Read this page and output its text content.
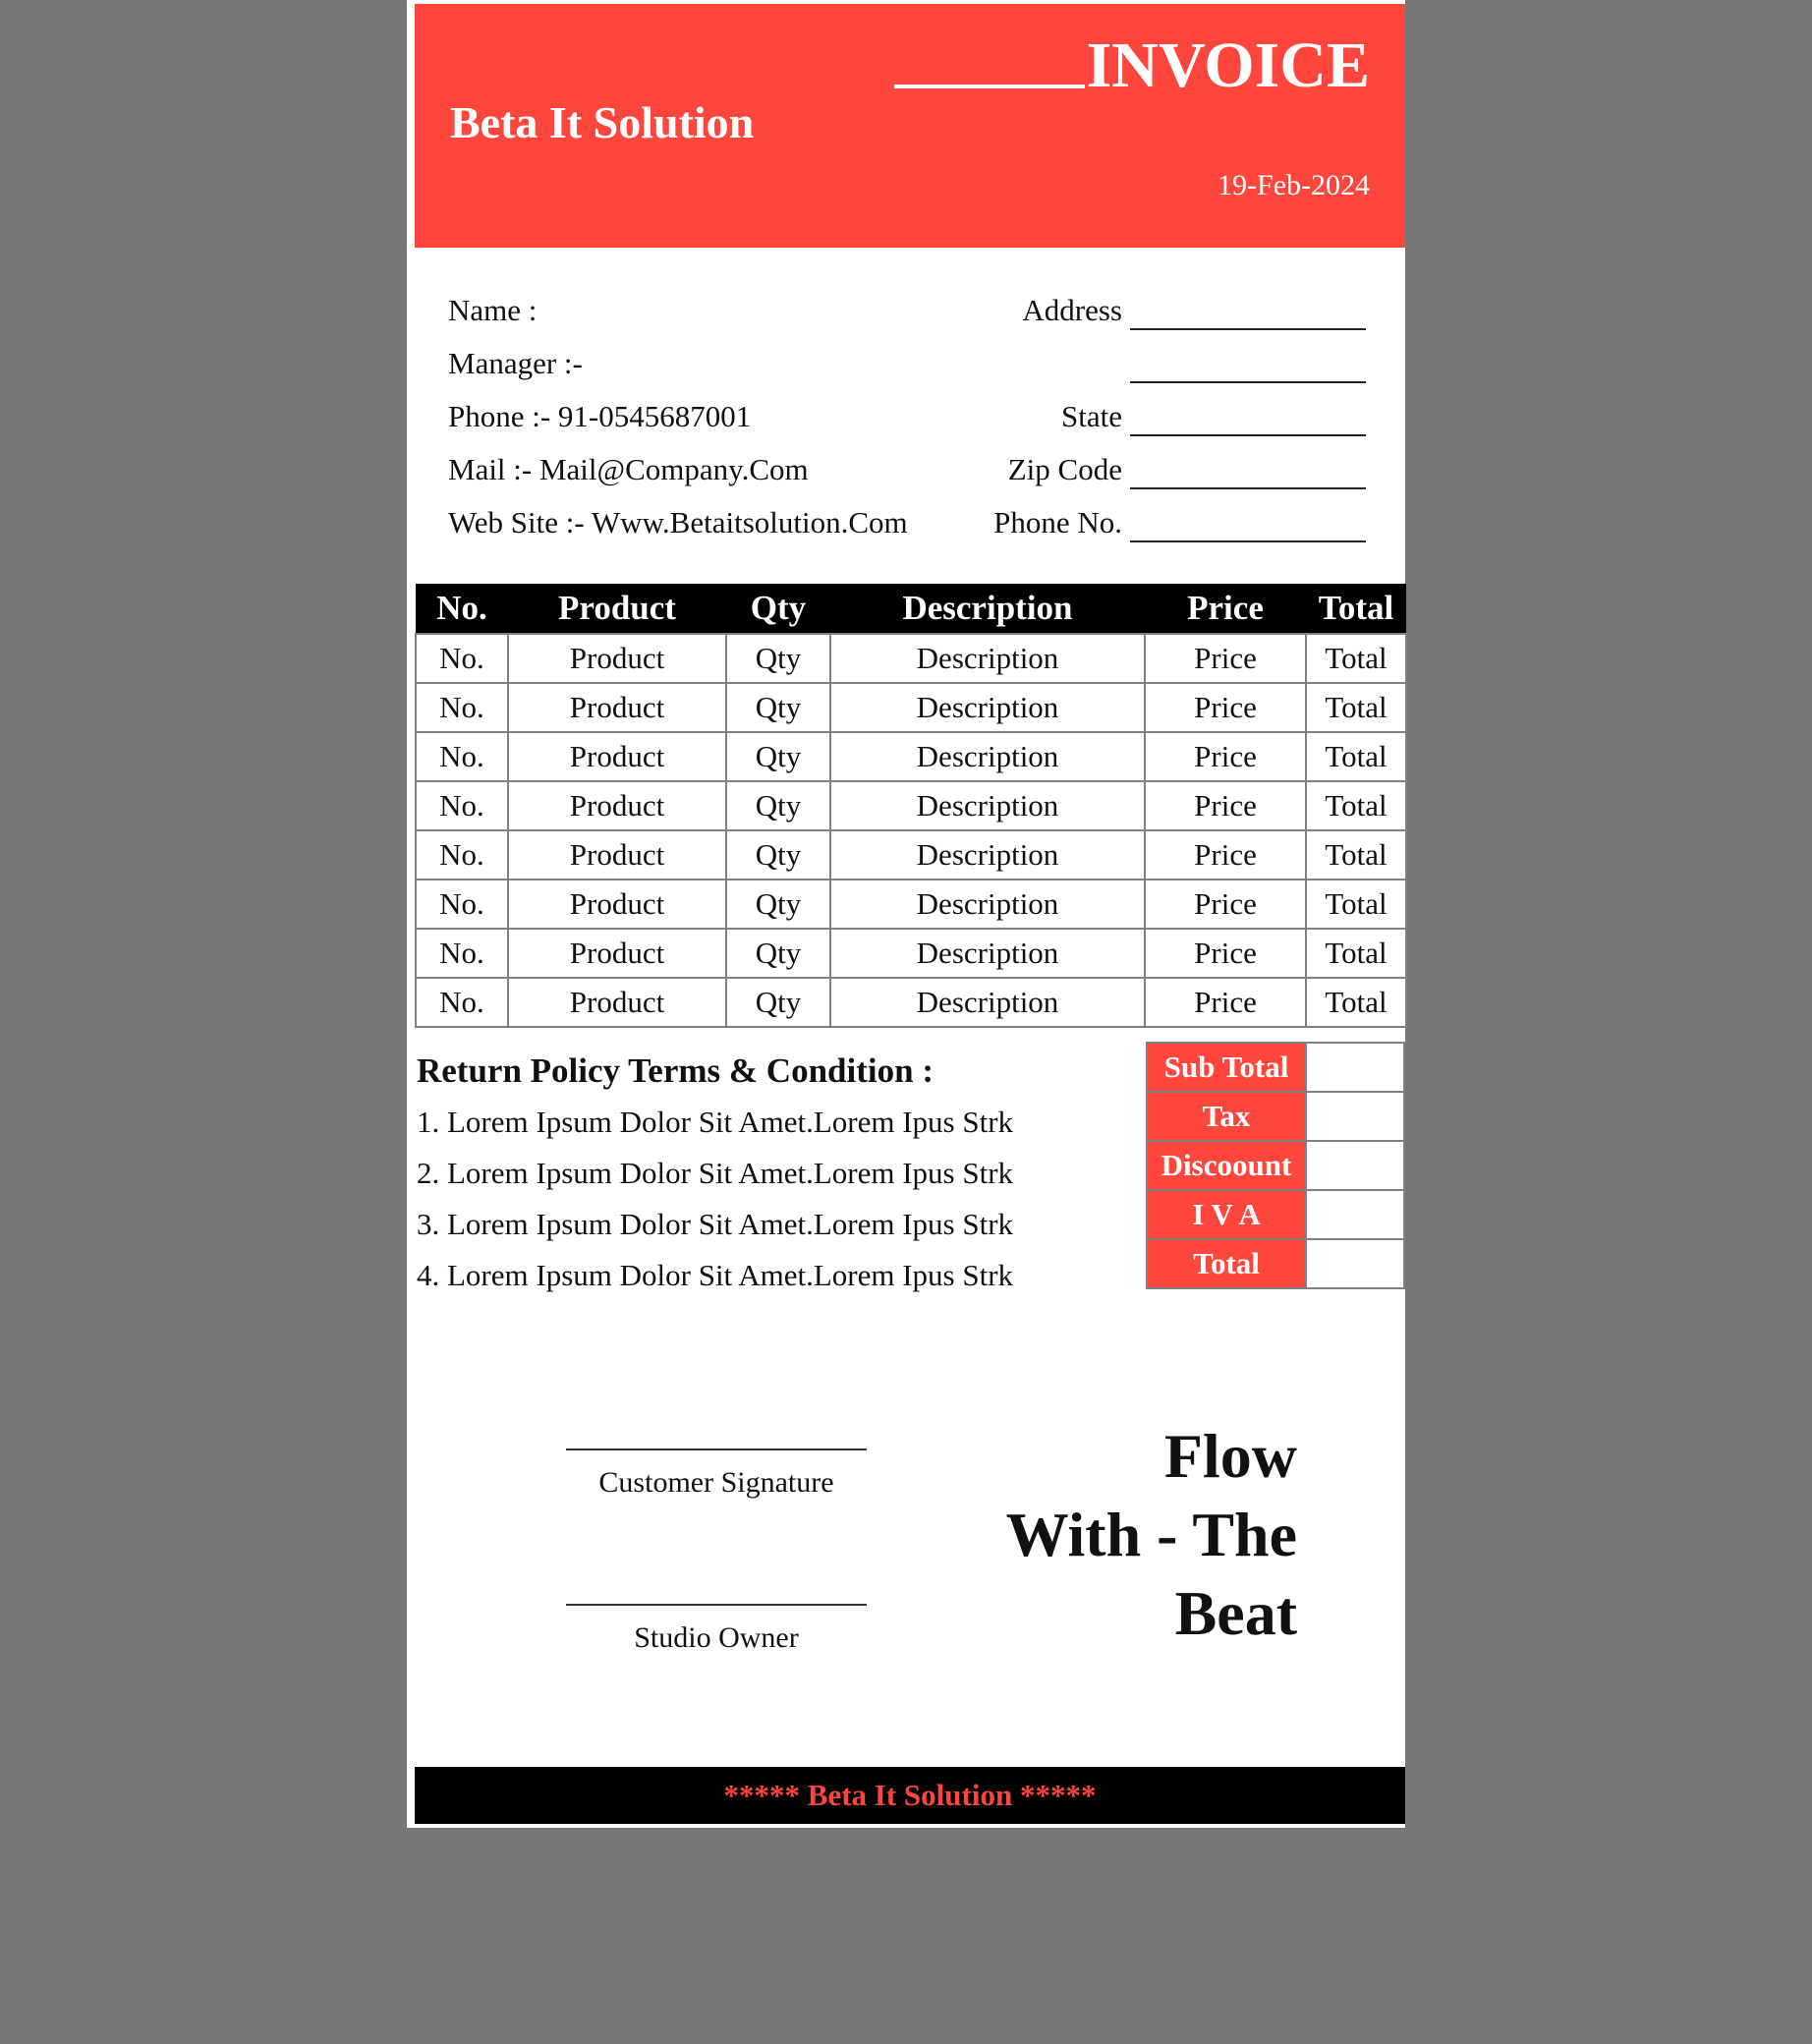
Beta It Solution
INVOICE
19-Feb-2024
Name :
Manager :-
Phone :- 91-0545687001
Mail :- Mail@Company.Com
Web Site :- Www.Betaitsolution.Com
Address
State
Zip Code
Phone No.
No.	Product	Qty	Description	Price	Total
No.	Product	Qty	Description	Price	Total
No.	Product	Qty	Description	Price	Total
No.	Product	Qty	Description	Price	Total
No.	Product	Qty	Description	Price	Total
No.	Product	Qty	Description	Price	Total
No.	Product	Qty	Description	Price	Total
No.	Product	Qty	Description	Price	Total
No.	Product	Qty	Description	Price	Total
Return Policy Terms & Condition :
1. Lorem Ipsum Dolor Sit Amet.Lorem Ipus Strk
2. Lorem Ipsum Dolor Sit Amet.Lorem Ipus Strk
3. Lorem Ipsum Dolor Sit Amet.Lorem Ipus Strk
4. Lorem Ipsum Dolor Sit Amet.Lorem Ipus Strk
Sub Total	
Tax	
Discoount	
I V A	
Total	
Customer Signature
Studio Owner
Flow
With - The
Beat
***** Beta It Solution *****
